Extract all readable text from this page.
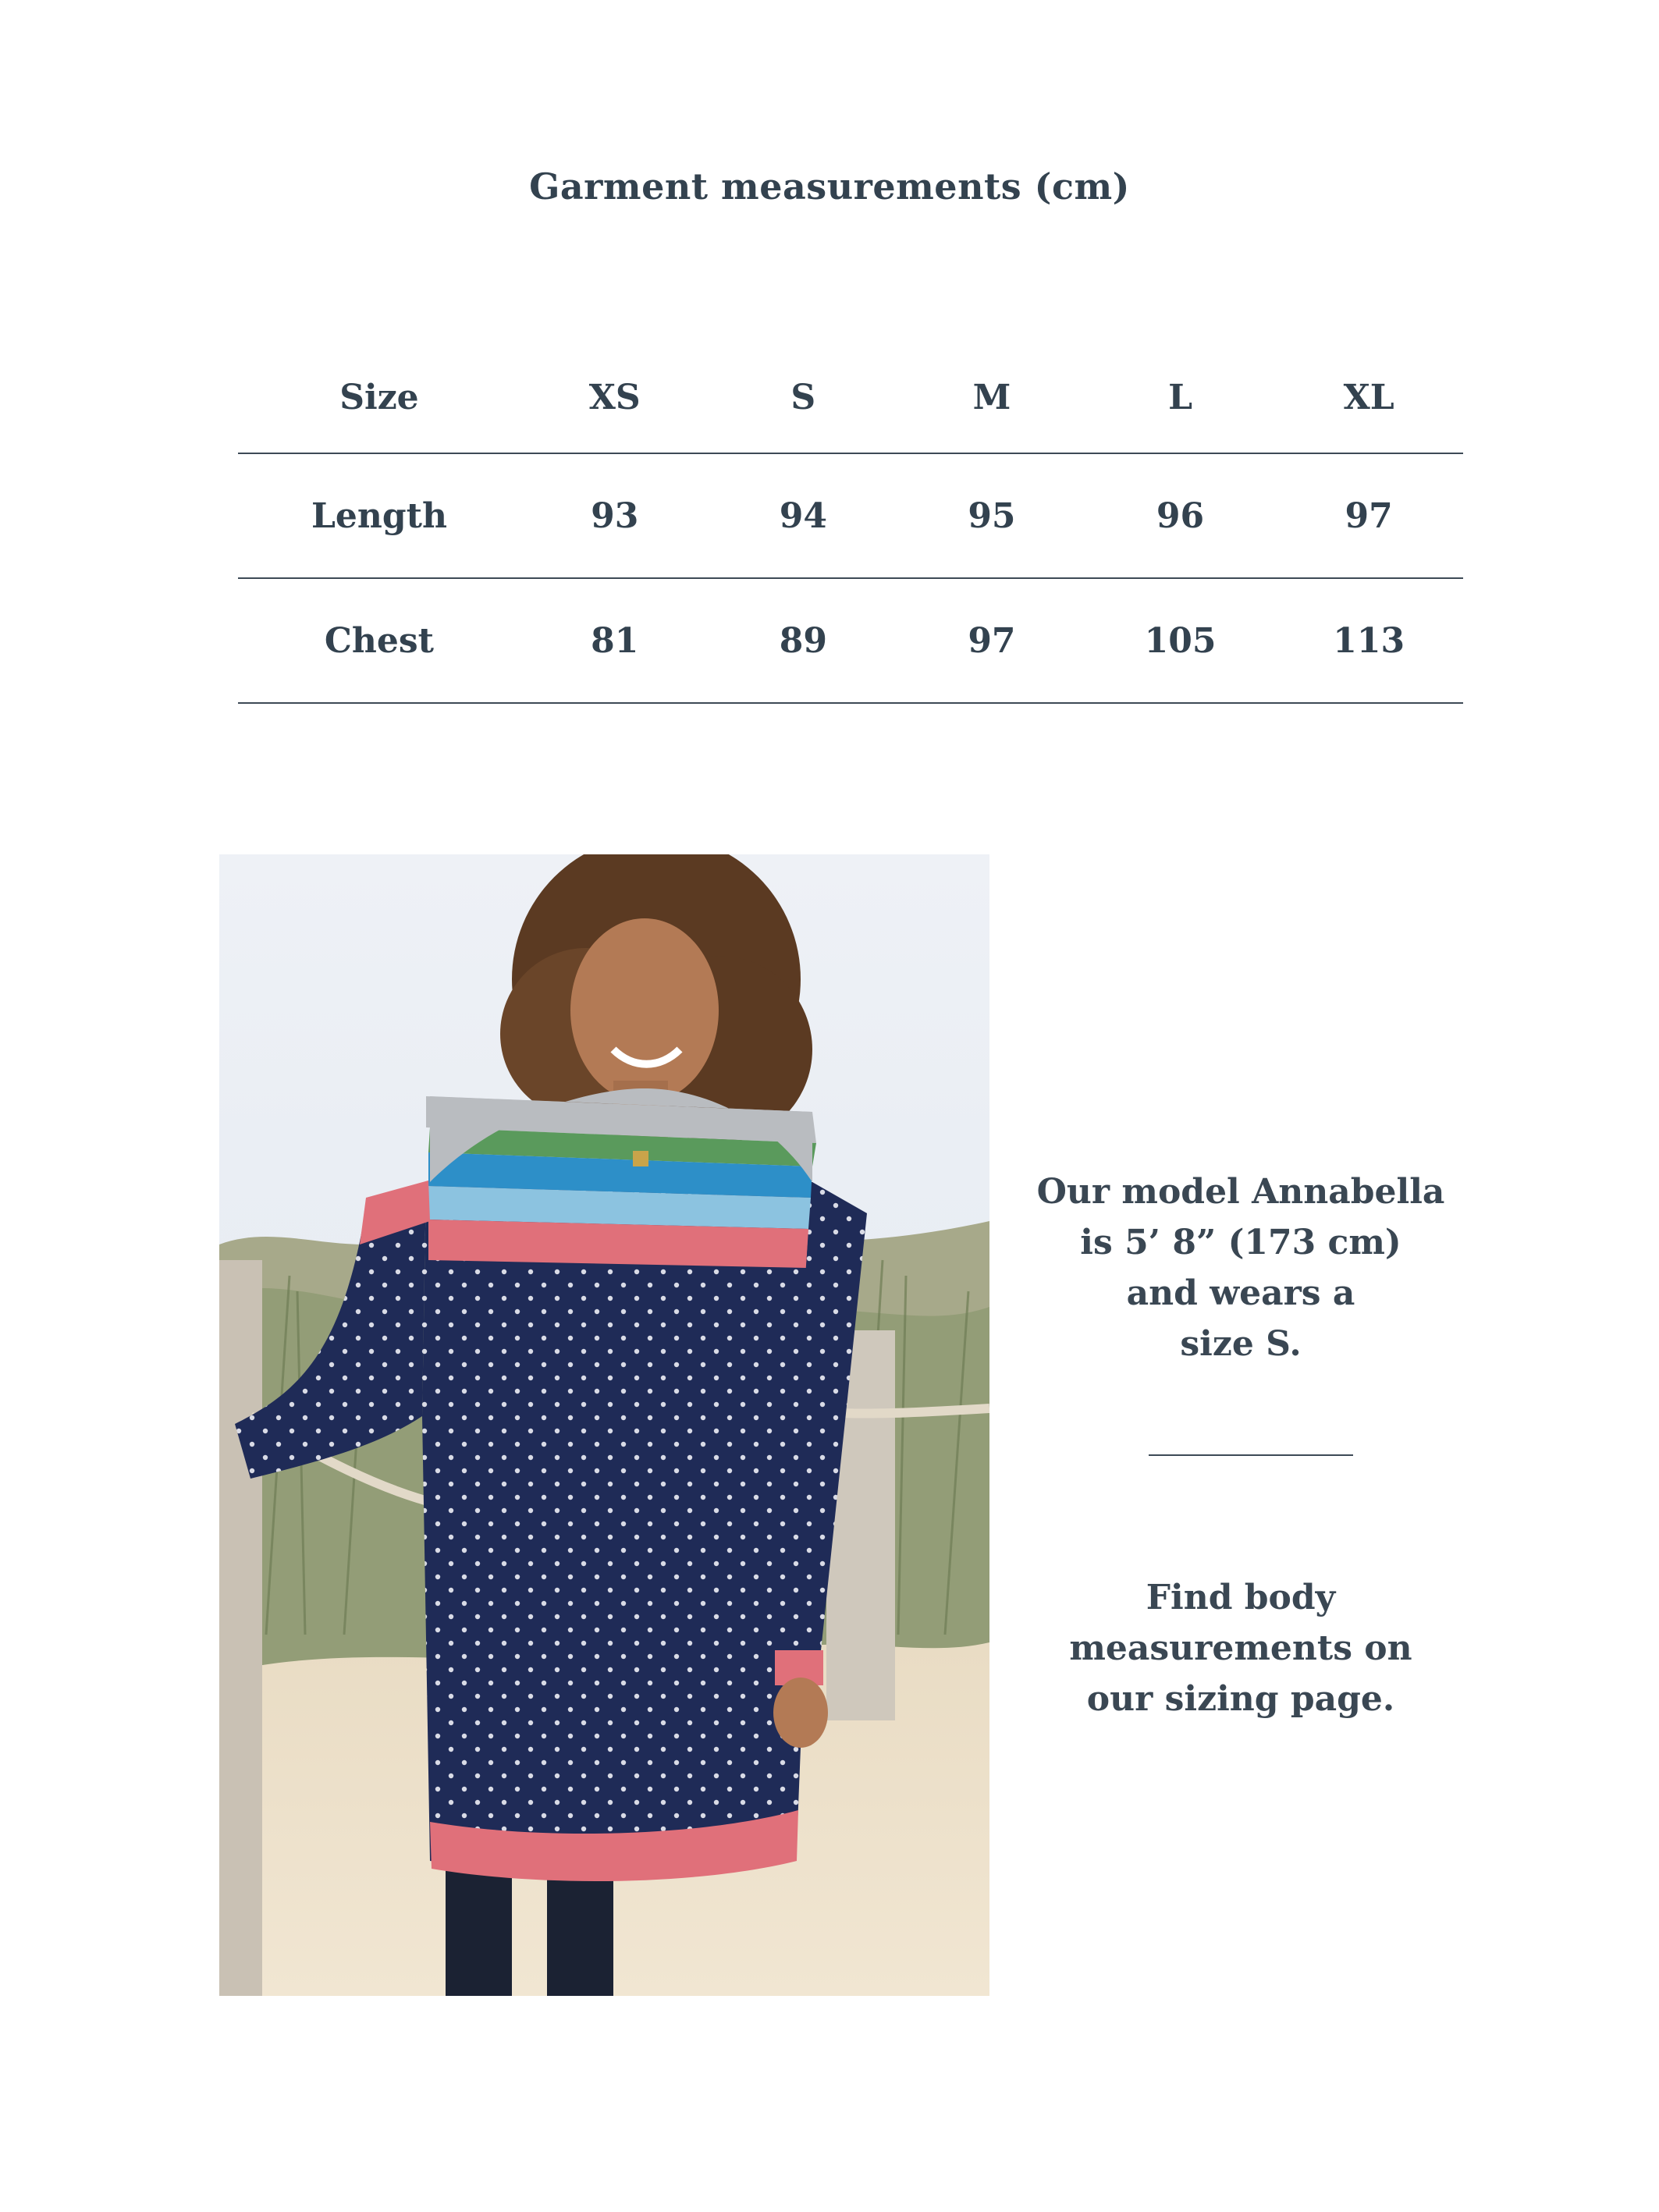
Garment measurements (cm)
Size	XS	S	M	L	XL
Length	93	94	95	96	97
Chest	81	89	97	105	113
Our model Annabella
is 5’ 8” (173 cm)
and wears a
size S.
Find body
measurements on
our sizing page.
